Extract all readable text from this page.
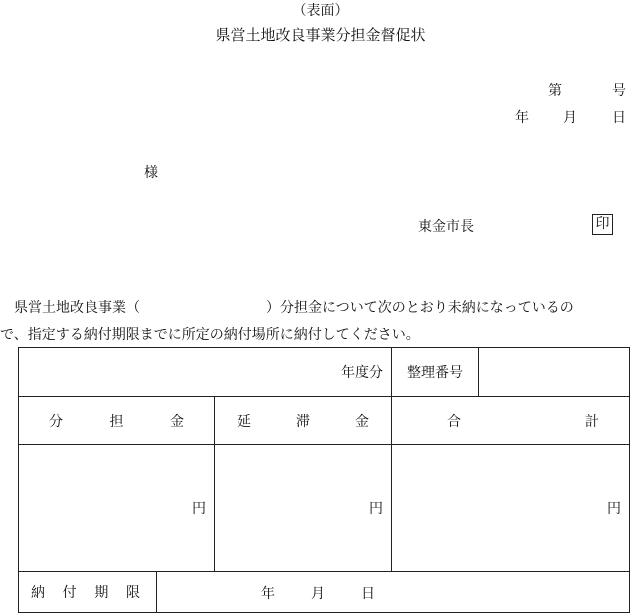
（表面）
県営土地改良事業分担金督促状
第	号
年 月	日
様
東金市長	印
県営土地改良事業（　　　　　　　　　）分担金について次のとおり未納になっているの
で、指定する納付期限までに所定の納付場所に納付してください。
年度分			整理番号	

分 担 金		延 滞 金	合 計	

円		円	円	

納 付 期 限	年 月 日			
